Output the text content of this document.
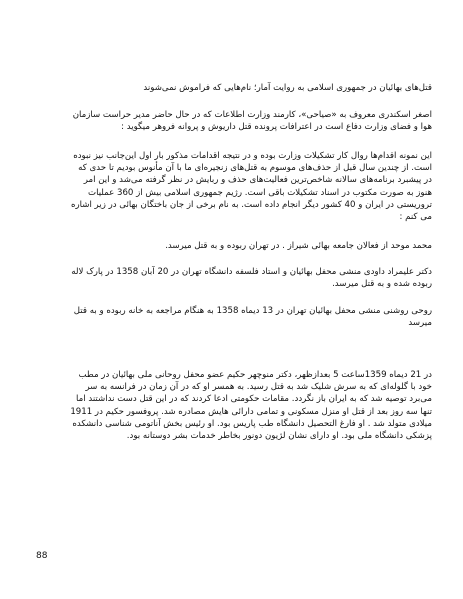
قتل‌های بهائیان در جمهوری اسلامی به روایت آمار؛ نام‌هایی که فراموش نمی‌شوند

اصغر اسکندری معروف به «صیاحی»، کارمند وزارت اطلاعات که در حال حاضر مدیر حراست سازمان هوا و فضای وزارت دفاع است در اعترافات پرونده قتل داریوش و پروانه فروهر میگوید :

این نمونه اقدام‌ها روال کار تشکیلات وزارت بوده و در نتیجه اقدامات مذکور بار اول این‌جانب نیز نبوده است. از چندین سال قبل از حذف‌های موسوم به قتل‌های زنجیره‌ای ما با آن مأنوس بودیم تا حدی که در پیشبرد برنامه‌های سالانه شاخص‌ترین فعالیت‌های حذف و ربایش در نظر گرفته می‌شد و این امر هنوز به صورت مکتوب در اسناد تشکیلات باقی است. رژیم جمهوری اسلامی بیش از 360 عملیات تروریستی در ایران و 40 کشور دیگر انجام داده است. به نام برخی از جان باختگان بهائی در زیر اشاره می کنم :

محمد موحد از فعالان جامعه بهائی شیراز . در تهران ربوده و به قتل میرسد.

دکتر علیمراد داودی منشی محفل بهائیان و استاد فلسفه دانشگاه تهران در 20 آبان 1358 در پارک لاله ربوده شده و به قتل میرسد.

روحی روشنی منشی محفل بهائیان تهران در 13 دیماه 1358 به هنگام مراجعه به خانه ربوده و به قتل میرسد

در 21 دیماه 1359ساعت 5 بعدازظهر، دکتر منوچهر حکیم عضو محفل روحانی ملی بهائیان در مطب خود با گلوله‌ای که به سرش شلیک شد به قتل رسید. به همسر او که در آن زمان در فرانسه به سر می‌برد توصیه شد که به ایران باز نگردد. مقامات حکومتی ادعا کردند که در این قتل دست نداشتند اما تنها سه روز بعد از قتل او منزل مسکونی و تمامی دارائی هایش مصادره شد. پروفسور حکیم در 1911 میلادی متولد شد . او فارغ التحصیل دانشگاه طب پاریس بود. او رئیس بخش آناتومی شناسی دانشکده پزشکی دانشگاه ملی بود. او دارای نشان لژیون دونور بخاطر خدمات بشر دوستانه بود.

88
